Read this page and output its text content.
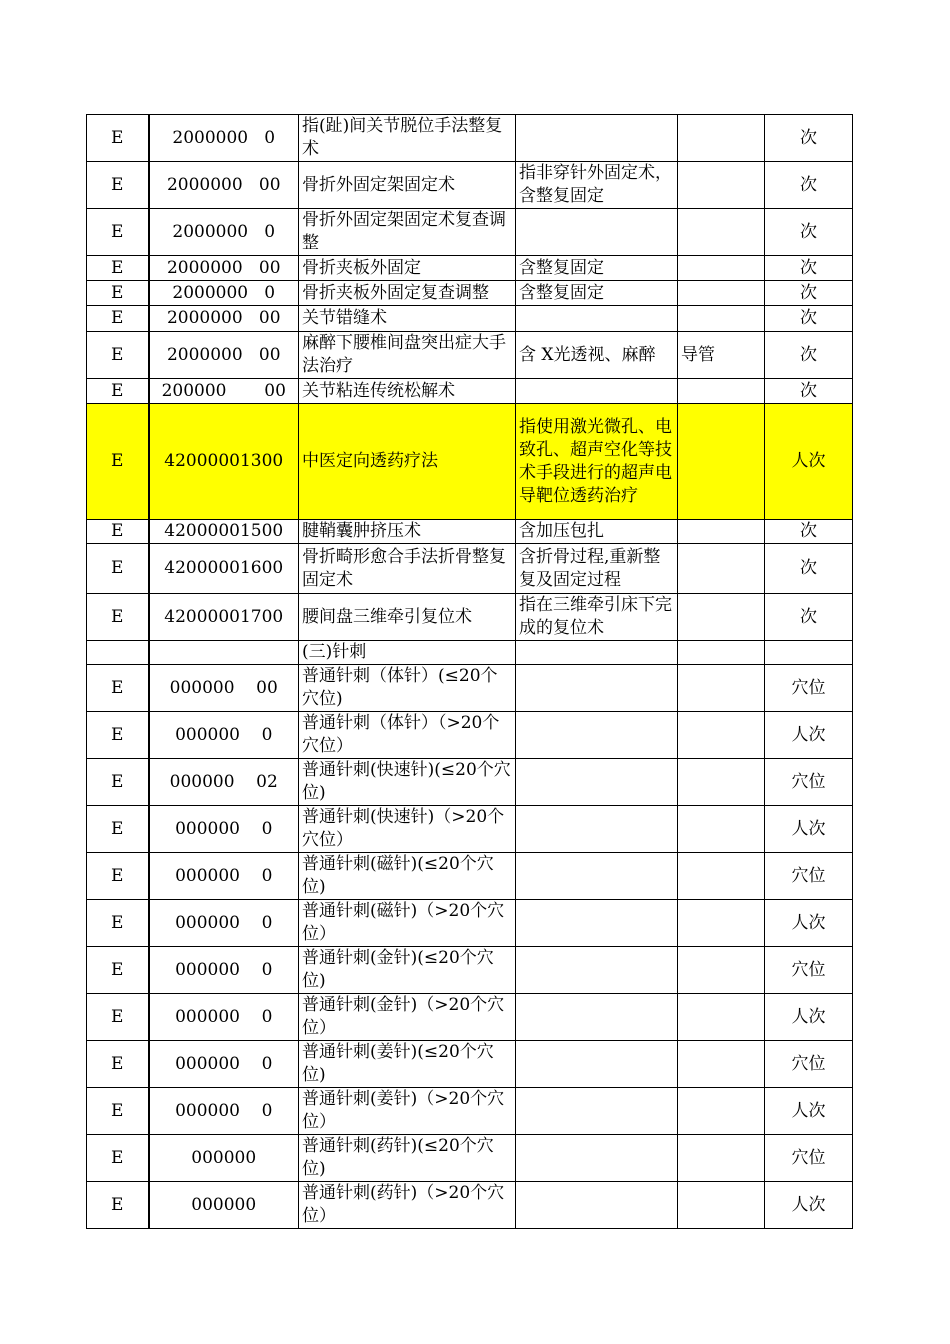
E	2000000   0	指(趾)间关节脱位手法整复术			次
E	2000000   00	骨折外固定架固定术	指非穿针外固定术，含整复固定		次
E	2000000   0	骨折外固定架固定术复查调整			次
E	2000000   00	骨折夹板外固定	含整复固定		次
E	2000000   0	骨折夹板外固定复查调整	含整复固定		次
E	2000000   00	关节错缝术			次
E	2000000   00	麻醉下腰椎间盘突出症大手法治疗	含 X光透视、麻醉	导管	次
E	200000       00	关节粘连传统松解术			次
E	42000001300	中医定向透药疗法	指使用激光微孔、电致孔、超声空化等技术手段进行的超声电导靶位透药治疗		人次
E	42000001500	腱鞘囊肿挤压术	含加压包扎		次
E	42000001600	骨折畸形愈合手法折骨整复固定术	含折骨过程,重新整复及固定过程		次
E	42000001700	腰间盘三维牵引复位术	指在三维牵引床下完成的复位术		次
		(三)针刺			
E	000000    00	普通针刺（体针）(≤20个穴位)			穴位
E	000000    0	普通针刺（体针）（>20个穴位）			人次
E	000000    02	普通针刺(快速针)(≤20个穴位)			穴位
E	000000    0	普通针刺(快速针)（>20个穴位）			人次
E	000000    0	普通针刺(磁针)(≤20个穴位)			穴位
E	000000    0	普通针刺(磁针)（>20个穴位）			人次
E	000000    0	普通针刺(金针)(≤20个穴位)			穴位
E	000000    0	普通针刺(金针)（>20个穴位）			人次
E	000000    0	普通针刺(姜针)(≤20个穴位)			穴位
E	000000    0	普通针刺(姜针)（>20个穴位）			人次
E	000000	普通针刺(药针)(≤20个穴位)			穴位
E	000000	普通针刺(药针)（>20个穴位）			人次
